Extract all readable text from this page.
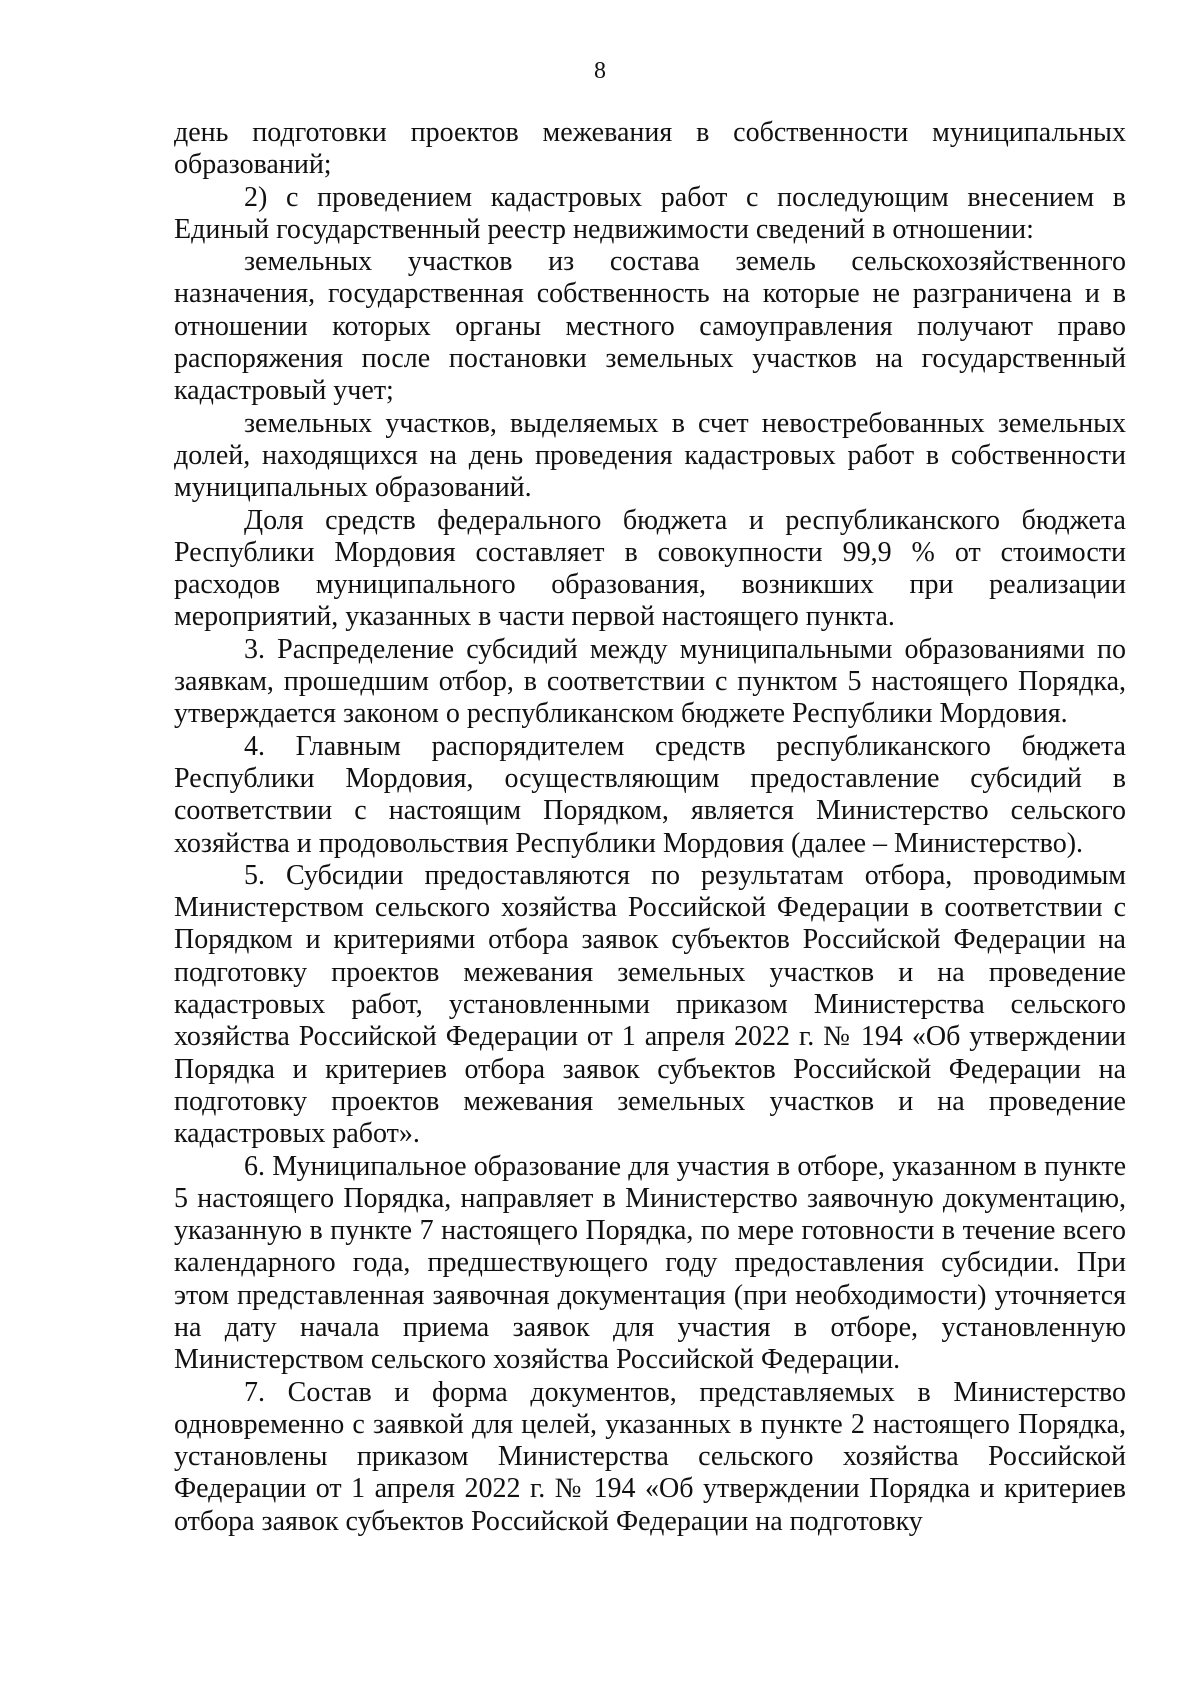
8

день подготовки проектов межевания в собственности муниципальных образований;

2) с проведением кадастровых работ с последующим внесением в Единый государственный реестр недвижимости сведений в отношении:

земельных участков из состава земель сельскохозяйственного назначения, государственная собственность на которые не разграничена и в отношении которых органы местного самоуправления получают право распоряжения после постановки земельных участков на государственный кадастровый учет;

земельных участков, выделяемых в счет невостребованных земельных долей, находящихся на день проведения кадастровых работ в собственности муниципальных образований.

Доля средств федерального бюджета и республиканского бюджета Республики Мордовия составляет в совокупности 99,9 % от стоимости расходов муниципального образования, возникших при реализации мероприятий, указанных в части первой настоящего пункта.

3. Распределение субсидий между муниципальными образованиями по заявкам, прошедшим отбор, в соответствии с пунктом 5 настоящего Порядка, утверждается законом о республиканском бюджете Республики Мордовия.

4. Главным распорядителем средств республиканского бюджета Республики Мордовия, осуществляющим предоставление субсидий в соответствии с настоящим Порядком, является Министерство сельского хозяйства и продовольствия Республики Мордовия (далее – Министерство).

5. Субсидии предоставляются по результатам отбора, проводимым Министерством сельского хозяйства Российской Федерации в соответствии с Порядком и критериями отбора заявок субъектов Российской Федерации на подготовку проектов межевания земельных участков и на проведение кадастровых работ, установленными приказом Министерства сельского хозяйства Российской Федерации от 1 апреля 2022 г. № 194 «Об утверждении Порядка и критериев отбора заявок субъектов Российской Федерации на подготовку проектов межевания земельных участков и на проведение кадастровых работ».

6. Муниципальное образование для участия в отборе, указанном в пункте 5 настоящего Порядка, направляет в Министерство заявочную документацию, указанную в пункте 7 настоящего Порядка, по мере готовности в течение всего календарного года, предшествующего году предоставления субсидии. При этом представленная заявочная документация (при необходимости) уточняется на дату начала приема заявок для участия в отборе, установленную Министерством сельского хозяйства Российской Федерации.

7. Состав и форма документов, представляемых в Министерство одновременно с заявкой для целей, указанных в пункте 2 настоящего Порядка, установлены приказом Министерства сельского хозяйства Российской Федерации от 1 апреля 2022 г. № 194 «Об утверждении Порядка и критериев отбора заявок субъектов Российской Федерации на подготовку
